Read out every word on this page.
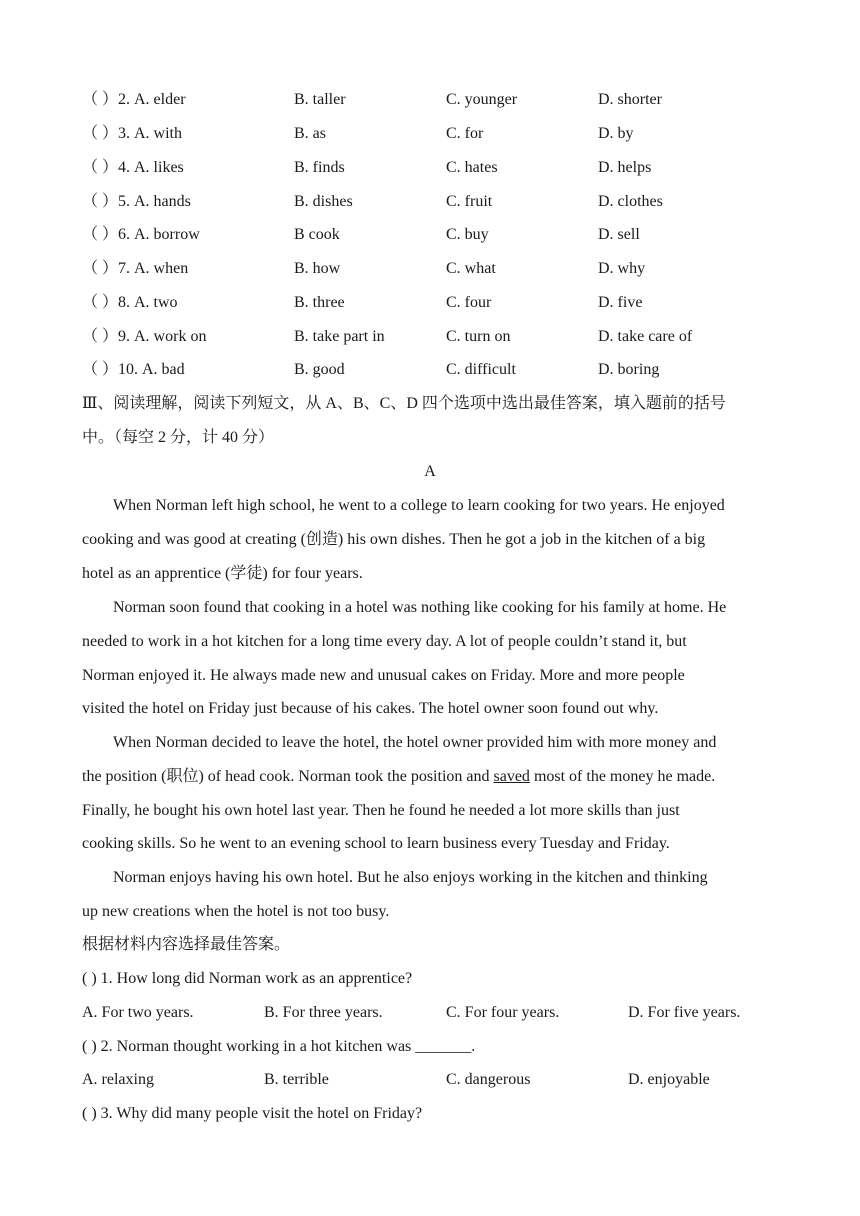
（ ）2. A. elder	B. taller	C. younger	D. shorter
（ ）3. A. with	B. as	C. for	D. by
（ ）4. A. likes	B. finds	C. hates	D. helps
（ ）5. A. hands	B. dishes	C. fruit	D. clothes
（ ）6. A. borrow	B cook	C. buy	D. sell
（ ）7. A. when	B. how	C. what	D. why
（ ）8. A. two	B. three	C. four	D. five
（ ）9. A. work on	B. take part in	C. turn on	D. take care of
（ ）10. A. bad	B. good	C. difficult	D. boring
Ⅲ、阅读理解，阅读下列短文，从 A、B、C、D 四个选项中选出最佳答案，填入题前的括号
中。（每空 2 分，计 40 分）
A
When Norman left high school, he went to a college to learn cooking for two years. He enjoyed
cooking and was good at creating (创造) his own dishes. Then he got a job in the kitchen of a big
hotel as an apprentice (学徒) for four years.
Norman soon found that cooking in a hotel was nothing like cooking for his family at home. He
needed to work in a hot kitchen for a long time every day. A lot of people couldn’t stand it, but
Norman enjoyed it. He always made new and unusual cakes on Friday. More and more people
visited the hotel on Friday just because of his cakes. The hotel owner soon found out why.
When Norman decided to leave the hotel, the hotel owner provided him with more money and
the position (职位) of head cook. Norman took the position and saved most of the money he made.
Finally, he bought his own hotel last year. Then he found he needed a lot more skills than just
cooking skills. So he went to an evening school to learn business every Tuesday and Friday.
Norman enjoys having his own hotel. But he also enjoys working in the kitchen and thinking
up new creations when the hotel is not too busy.
根据材料内容选择最佳答案。
( ) 1. How long did Norman work as an apprentice?
A. For two years.	B. For three years.	C. For four years.	D. For five years.
( ) 2. Norman thought working in a hot kitchen was _______.
A. relaxing	B. terrible	C. dangerous	D. enjoyable
( ) 3. Why did many people visit the hotel on Friday?
